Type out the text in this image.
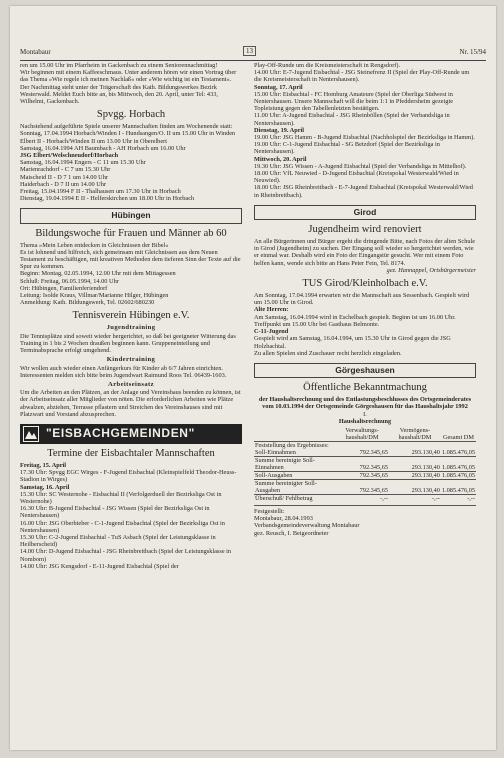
Montabaur	13	Nr. 15/94

ren um 15.00 Uhr im Pfarrheim in Gackenbach zu einem Seniorennachmittag!

Wir beginnen mit einem Kaffeeschmaus. Unter anderem hören wir einen Vortrag über das Thema »Wie regele ich meinen Nachlaß« oder »Wie wichtig ist ein Testament«.

Der Nachmittag steht unter der Trägerschaft des Kath. Bildungswerkes Bezirk Westerwald. Meldet Euch bitte an, bis Mittwoch, den 20. April, unter Tel: 433, Wilhelmi, Gackenbach.

Spvgg. Horbach

Nachstehend aufgeführte Spiele unserer Mannschaften finden am Wochenende statt:

Sonntag, 17.04.1994 Horbach/Winden I - Hundsangen/O. II um 15.00 Uhr in Winden

Elbert II - Horbach/Winden II um 13.00 Uhr in Oberelbert

Samstag, 16.04.1994 AH Baumbach - AH Horbach um 16.00 Uhr

JSG Elbert/Welschneudorf/Horbach

Samstag, 16.04.1994 Engers - C 11 um 15.30 Uhr

Marienrachdorf - C 7 um 15.30 Uhr

Maischeid II - D 7 1 um 14.00 Uhr

Haiderbach - D 7 II um 14.00 Uhr

Freitag, 15.04.1994 F II - Thalhausen um 17.30 Uhr in Horbach

Dienstag, 19.04.1994 E II - Helferskirchen um 18.00 Uhr in Horbach

Hübingen
Bildungswoche für Frauen und Männer ab 60

Thema »Mein Leben entdecken in Gleichnissen der Bibel«

Es ist lohnend und hilfreich, sich gemeinsam mit Gleichnissen aus dem Neuen Testament zu beschäftigen, mit kreativen Methoden dem tieferen Sinn der Texte auf die Spur zu kommen.

Beginn: Montag, 02.05.1994, 12.00 Uhr mit dem Mittagessen

Schluß: Freitag, 06.05.1994, 14.00 Uhr

Ort: Hübingen, Familienferiendorf

Leitung: Isolde Kraus, Villmar/Marianne Hilger, Hübingen

Anmeldung: Kath. Bildungswerk, Tel. 02602/680230

Tennisverein Hübingen e.V.
Jugendtraining

Die Tennisplätze sind soweit wieder hergerichtet, so daß bei geeigneter Witterung das Training in 1 bis 2 Wochen draußen beginnen kann. Gruppeneinteilung und Terminabsprache erfolgt umgehend.

Kindertraining

Wir wollen auch wieder einen Anfängerkurs für Kinder ab 6/7 Jahren einrichten. Interessenten melden sich bitte beim Jugendwart Raimund Roos Tel. 06439-1603.

Arbeitseinsatz

Um die Arbeiten an den Plätzen, an der Anlage und Vereinshaus beenden zu können, ist der Arbeitseinsatz aller Mitglieder von nöten. Die erforderlichen Arbeiten wie Plätze abwalzen, abziehen, Terrasse pflastern und Streichen des Vereinshauses sind mit Platzwart und Vorstand abzusprechen.

"EISBACHGEMEINDEN"
Termine der Eisbachtaler Mannschaften

Freitag, 15. April

17.30 Uhr: Spvgg EGC Wirges - F-Jugend Eisbachtal (Kleinspielfeld Theodor-Heuss-Stadion in Wirges)

Samstag, 16. April

15.30 Uhr: SC Westernohe - Eisbachtal II (Verfolgerduell der Bezirksliga Ost in Westernohe)

16.30 Uhr: B-Jugend Eisbachtal - JSG Wissen (Spiel der Bezirksliga Ost in Nentershausen)

16.00 Uhr: JSG Oberbieber - C-1-Jugend Eisbachtal (Spiel der Bezirksliga Ost in Nentershausen)

15.30 Uhr: C-2-Jugend Eisbachtal - TuS Asbach (Spiel der Leistungsklasse in Heilberscheid)

14.00 Uhr: D-Jugend Eisbachtal - JSG Rheinbreitbach (Spiel der Leistungsklasse in Nomborn)

14.00 Uhr: JSG Kengsdorf - E-11-Jugend Eisbachtal (Spiel der

Play-Off-Runde um die Kreismeisterschaft in Rengsdorf).

14.00 Uhr: E-7-Jugend Eisbachtal - JSG Steinefrenz II (Spiel der Play-Off-Runde um die Kreismeisterschaft in Nentershausen).

Sonntag, 17. April

15.00 Uhr: Eisbachtal - FC Homburg Amateure (Spiel der Oberliga Südwest in Nentershausen. Unsere Mannschaft will die beim 1:1 in Pfeddersheim gezeigte Topleistung gegen den Tabellenletzten bestätigen.

11.00 Uhr: A-Jugend Eisbachtal - JSG Rheinböllen (Spiel der Verbandsliga in Nentershausen).

Dienstag, 19. April

19.00 Uhr: JSG Hamm - B-Jugend Eisbachtal (Nachholspiel der Bezirksliga in Hamm).

19.00 Uhr: C-1-Jugend Eisbachtal - SG Betzdorf (Spiel der Bezirksliga in Nentershausen).

Mittwoch, 20. April

19.30 Uhr: JSG Wissen - A-Jugend Eisbachtal (Spiel der Verbandsliga in Mittelhof).

18.00 Uhr: VfL Neuwied - D-Jugend Eisbachtal (Kreispokal Westerwald/Wied in Neuwied).

18.00 Uhr: JSG Rheinbreitbach - E-7-Jugend Eisbachtal (Kreispokal Westerwald/Wied in Rheinbreitbach).

Girod
Jugendheim wird renoviert

An alle Bürgerinnen und Bürger ergeht die dringende Bitte, nach Fotos der alten Schule in Girod (Jugendheim) zu suchen. Der Eingang soll wieder so hergerichtet werden, wie er einmal war. Deshalb wird ein Foto der Eingangstür gesucht. Wer mit einem Foto helfen kann, wende sich bitte an Hans Peter Fein, Tel. 8174.

gez. Hannappel, Ortsbürgermeister

TUS Girod/Kleinholbach e.V.

Am Sonntag, 17.04.1994 erwarten wir die Mannschaft aus Sessenbach. Gespielt wird um 15.00 Uhr in Girod.

Alte Herren:

Am Samstag, 16.04.1994 wird in Eschelbach gespielt. Beginn ist um 16.00 Uhr. Treffpunkt um 15.00 Uhr bei Gasthaus Belmonte.

C-11-Jugend

Gespielt wird am Samstag, 16.04.1994, um 15.30 Uhr in Girod gegen die JSG Holzbachtal.

Zu allen Spielen sind Zuschauer recht herzlich eingeladen.

Görgeshausen
Öffentliche Bekanntmachung

der Haushaltsrechnung und des Entlastungsbeschlusses des Ortsgemeinderates vom 10.03.1994 der Ortsgemeinde Görgeshausen für das Haushaltsjahr 1992

I.

Haushaltsrechnung

	Verwaltungs-haushalt/DM	Vermögens-haushalt/DM	Gesamt DM
Feststellung des Ergebnisses: Soll-Einnahmen	792.345,65	293.130,40	1.085.476,05
Summe bereinigte Soll-Einnahmen	792.345,65	293.130,40	1.085.476,05
Soll-Ausgaben	792.345,65	293.130,40	1.085.476,05
Summe bereinigter Soll-Ausgaben	792.345,65	293.130,40	1.085.476,05
Überschuß/ Fehlbetrag	-,--	-,--	-,--

Festgestellt:

Montabaur, 28.04.1993

Verbandsgemeindeverwaltung Montabaur

gez. Reusch, I. Beigeordneter
